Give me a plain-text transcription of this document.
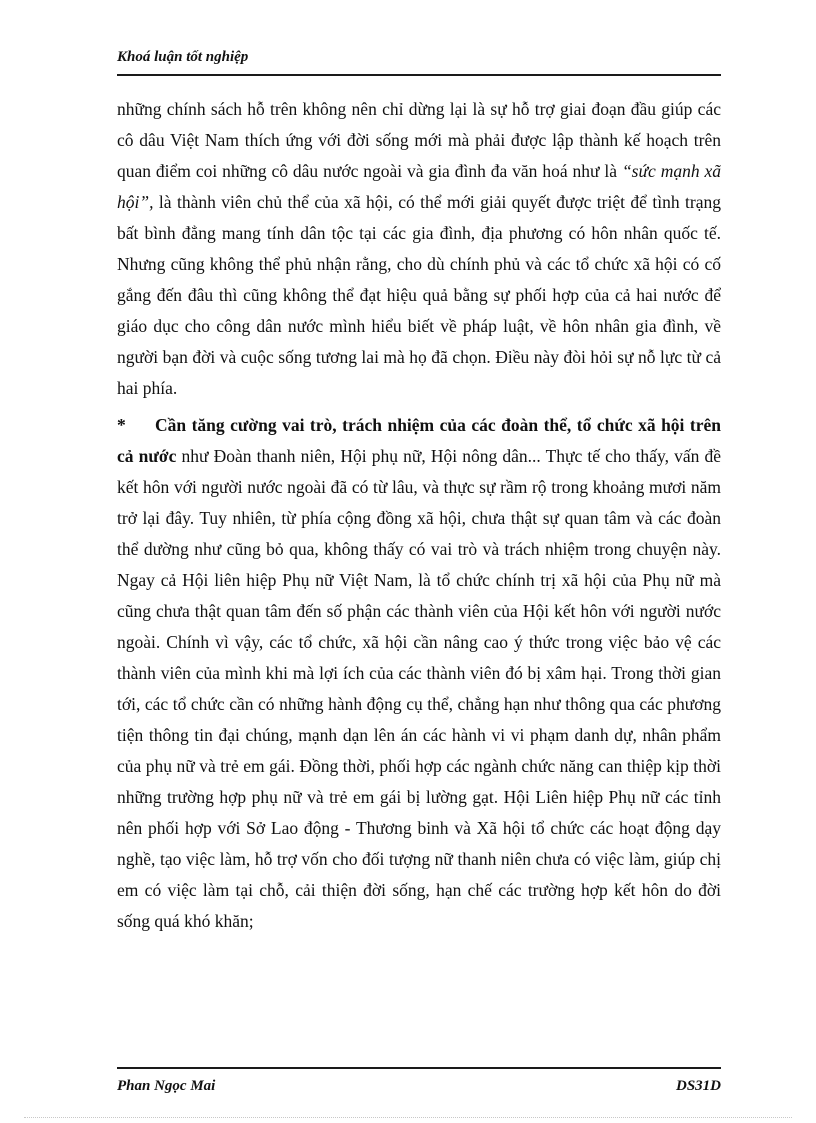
Khoá luận tốt nghiệp

những chính sách hỗ trên không nên chỉ dừng lại là sự hỗ trợ giai đoạn đầu giúp các cô dâu Việt Nam thích ứng với đời sống mới mà phải được lập thành kế hoạch trên quan điểm coi những cô dâu nước ngoài và gia đình đa văn hoá như là “sức mạnh xã hội”, là thành viên chủ thể của xã hội, có thể mới giải quyết được triệt để tình trạng bất bình đẳng mang tính dân tộc tại các gia đình, địa phương có hôn nhân quốc tế. Nhưng cũng không thể phủ nhận rằng, cho dù chính phủ và các tổ chức xã hội có cố gắng đến đâu thì cũng không thể đạt hiệu quả bằng sự phối hợp của cả hai nước để giáo dục cho công dân nước mình hiểu biết về pháp luật, về hôn nhân gia đình, về người bạn đời và cuộc sống tương lai mà họ đã chọn. Điều này đòi hỏi sự nỗ lực từ cả hai phía.

* Cần tăng cường vai trò, trách nhiệm của các đoàn thể, tổ chức xã hội trên cả nước như Đoàn thanh niên, Hội phụ nữ, Hội nông dân... Thực tế cho thấy, vấn đề kết hôn với người nước ngoài đã có từ lâu, và thực sự rầm rộ trong khoảng mươi năm trở lại đây. Tuy nhiên, từ phía cộng đồng xã hội, chưa thật sự quan tâm và các đoàn thể dường như cũng bỏ qua, không thấy có vai trò và trách nhiệm trong chuyện này. Ngay cả Hội liên hiệp Phụ nữ Việt Nam, là tổ chức chính trị xã hội của Phụ nữ mà cũng chưa thật quan tâm đến số phận các thành viên của Hội kết hôn với người nước ngoài. Chính vì vậy, các tổ chức, xã hội cần nâng cao ý thức trong việc bảo vệ các thành viên của mình khi mà lợi ích của các thành viên đó bị xâm hại. Trong thời gian tới, các tổ chức cần có những hành động cụ thể, chẳng hạn như thông qua các phương tiện thông tin đại chúng, mạnh dạn lên án các hành vi vi phạm danh dự, nhân phẩm của phụ nữ và trẻ em gái. Đồng thời, phối hợp các ngành chức năng can thiệp kịp thời những trường hợp phụ nữ và trẻ em gái bị lường gạt. Hội Liên hiệp Phụ nữ các tỉnh nên phối hợp với Sở Lao động - Thương binh và Xã hội tổ chức các hoạt động dạy nghề, tạo việc làm, hỗ trợ vốn cho đối tượng nữ thanh niên chưa có việc làm, giúp chị em có việc làm tại chỗ, cải thiện đời sống, hạn chế các trường hợp kết hôn do đời sống quá khó khăn;

Phan Ngọc Mai	DS31D
